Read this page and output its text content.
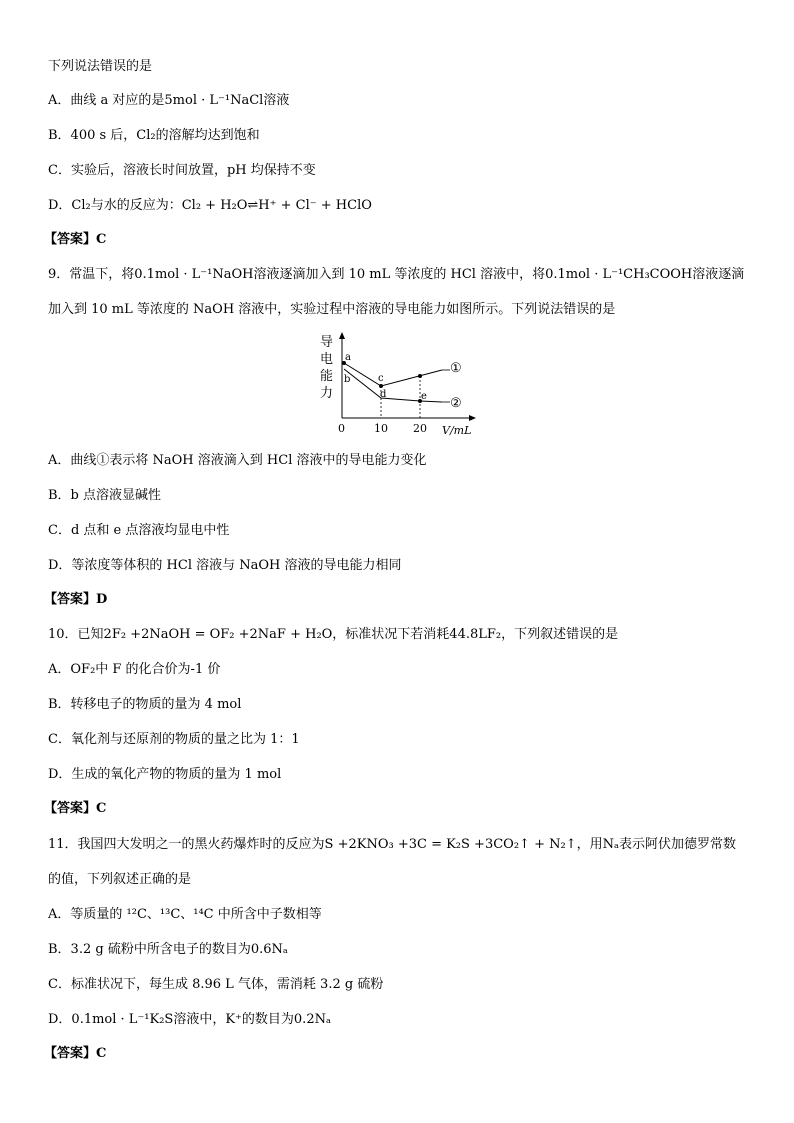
下列说法错误的是
A．曲线 a 对应的是5mol · L⁻¹NaCl溶液
B．400 s 后，Cl₂的溶解均达到饱和
C．实验后，溶液长时间放置，pH 均保持不变
D．Cl₂与水的反应为：Cl₂ + H₂O⇌H⁺ + Cl⁻ + HClO
【答案】C
9．常温下，将0.1mol · L⁻¹NaOH溶液逐滴加入到 10 mL 等浓度的 HCl 溶液中，将0.1mol · L⁻¹CH₃COOH溶液逐滴
加入到 10 mL 等浓度的 NaOH 溶液中，实验过程中溶液的导电能力如图所示。下列说法错误的是
导
电
能
力
a
b	c
d	e
①
②
0	10 20 V/mL
A．曲线①表示将 NaOH 溶液滴入到 HCl 溶液中的导电能力变化
B．b 点溶液显碱性
C．d 点和 e 点溶液均显电中性
D．等浓度等体积的 HCl 溶液与 NaOH 溶液的导电能力相同
【答案】D
10．已知2F₂ +2NaOH = OF₂ +2NaF + H₂O，标准状况下若消耗44.8LF₂，下列叙述错误的是
A．OF₂中 F 的化合价为-1 价
B．转移电子的物质的量为 4 mol
C．氧化剂与还原剂的物质的量之比为 1：1
D．生成的氧化产物的物质的量为 1 mol
【答案】C
11．我国四大发明之一的黑火药爆炸时的反应为S +2KNO₃ +3C = K₂S +3CO₂↑ + N₂↑，用Nₐ表示阿伏加德罗常数
的值，下列叙述正确的是
A．等质量的 ¹²C、¹³C、¹⁴C 中所含中子数相等
B．3.2 g 硫粉中所含电子的数目为0.6Nₐ
C．标准状况下，每生成 8.96 L 气体，需消耗 3.2 g 硫粉
D．0.1mol · L⁻¹K₂S溶液中，K⁺的数目为0.2Nₐ
【答案】C
